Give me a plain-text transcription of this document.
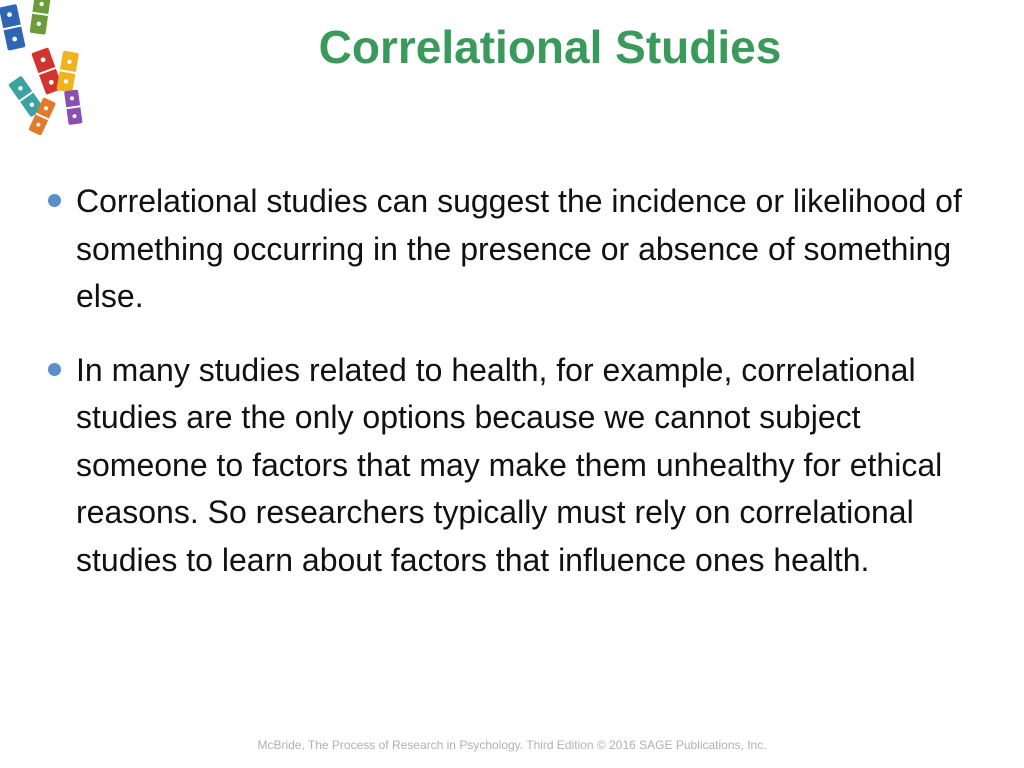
Correlational Studies
Correlational studies can suggest the incidence or likelihood of something occurring in the presence or absence of something else.
In many studies related to health, for example, correlational studies are the only options because we cannot subject someone to factors that may make them unhealthy for ethical reasons. So researchers typically must rely on correlational studies to learn about factors that influence ones health.
McBride, The Process of Research in Psychology. Third Edition © 2016 SAGE Publications, Inc.
